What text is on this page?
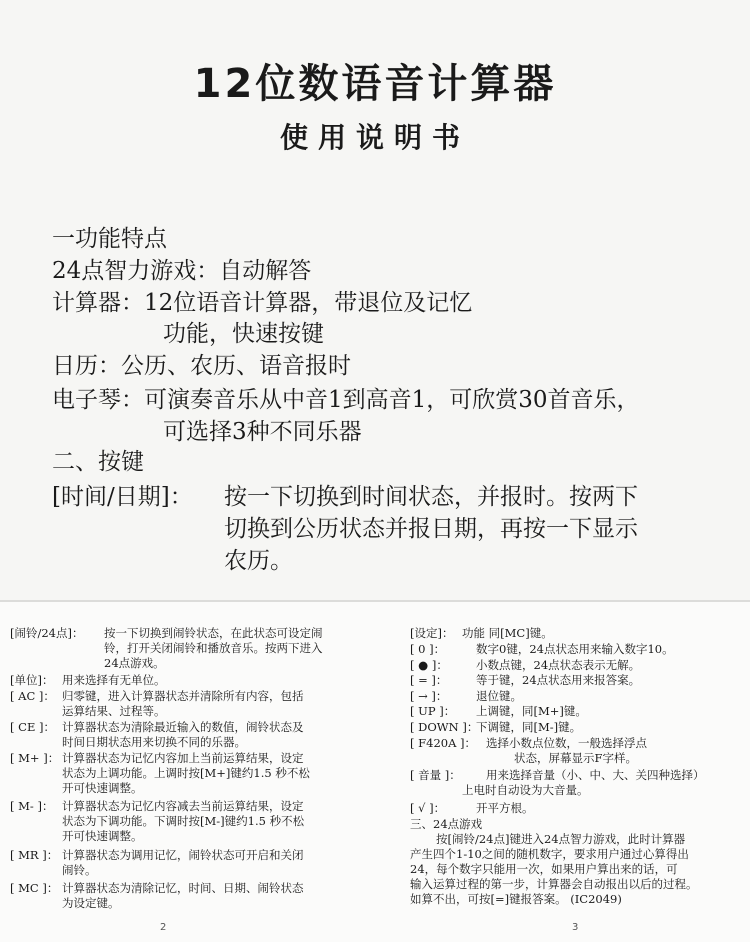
12位数语音计算器
使用说明书
一功能特点
24点智力游戏：自动解答
计算器：12位语音计算器，带退位及记忆
功能，快速按键
日历：公历、农历、语音报时
电子琴：可演奏音乐从中音1到高音1，可欣赏30首音乐，
可选择3种不同乐器
二、按键
[时间/日期]： 按一下切换到时间状态，并报时。按两下
切换到公历状态并报日期，再按一下显示
农历。
[闹铃/24点]： 按一下切换到闹铃状态，在此状态可设定闹
铃，打开关闭闹铃和播放音乐。按两下进入
24点游戏。
[单位]： 用来选择有无单位。
[ AC ]： 归零键，进入计算器状态并清除所有内容，包括
运算结果、过程等。
[ CE ]： 计算器状态为清除最近输入的数值，闹铃状态及
时间日期状态用来切换不同的乐器。
[ M+ ]： 计算器状态为记忆内容加上当前运算结果，设定
状态为上调功能。上调时按[M+]键约1.5 秒不松
开可快速调整。
[ M- ]： 计算器状态为记忆内容减去当前运算结果，设定
状态为下调功能。下调时按[M-]键约1.5 秒不松
开可快速调整。
[ MR ]： 计算器状态为调用记忆，闹铃状态可开启和关闭
闹铃。
[ MC ]： 计算器状态为清除记忆，时间、日期、闹铃状态
为设定键。
[设定]： 功能 同[MC]键。
[ 0 ]：	数字0键，24点状态用来输入数字10。
[ ● ]： 小数点键，24点状态表示无解。
[ = ]： 等于键，24点状态用来报答案。
[ → ]： 退位键。
[ UP ]： 上调键，同[M+]键。
[ DOWN ]：下调键，同[M-]键。
[ F420A ]： 选择小数点位数，一般选择浮点
状态，屏幕显示F字样。
[ 音量 ]： 用来选择音量（小、中、大、关四种选择）
上电时自动设为大音量。
[ √ ]：	开平方根。
三、24点游戏
按[闹铃/24点]键进入24点智力游戏，此时计算器
产生四个1-10之间的随机数字，要求用户通过心算得出
24，每个数字只能用一次，如果用户算出来的话，可
输入运算过程的第一步，计算器会自动报出以后的过程。
如算不出，可按[=]键报答案。 (IC2049)
2	3
